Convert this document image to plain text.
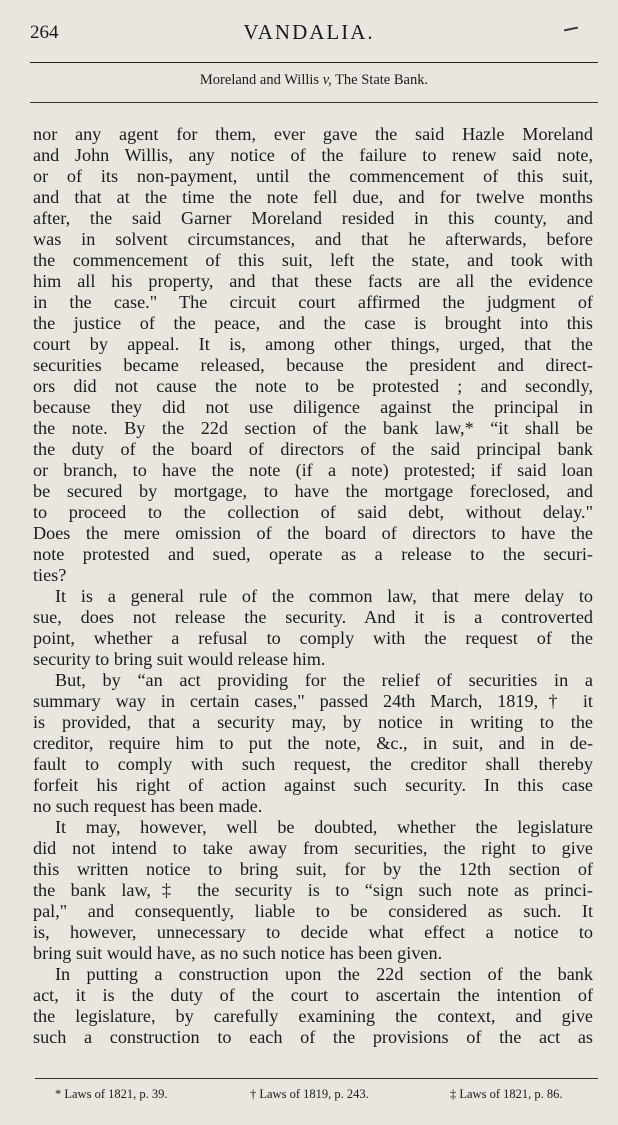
264	VANDALIA.
Moreland and Willis v, The State Bank.
nor any agent for them, ever gave the said Hazle Moreland
and John Willis, any notice of the failure to renew said note,
or of its non-payment, until the commencement of this suit,
and that at the time the note fell due, and for twelve months
after, the said Garner Moreland resided in this county, and
was in solvent circumstances, and that he afterwards, before
the commencement of this suit, left the state, and took with
him all his property, and that these facts are all the evidence
in the case." The circuit court affirmed the judgment of
the justice of the peace, and the case is brought into this
court by appeal. It is, among other things, urged, that the
securities became released, because the president and direct-
ors did not cause the note to be protested ; and secondly,
because they did not use diligence against the principal in
the note. By the 22d section of the bank law,* “it shall be
the duty of the board of directors of the said principal bank
or branch, to have the note (if a note) protested; if said loan
be secured by mortgage, to have the mortgage foreclosed, and
to proceed to the collection of said debt, without delay."
Does the mere omission of the board of directors to have the
note protested and sued, operate as a release to the securi-
ties?
It is a general rule of the common law, that mere delay to
sue, does not release the security. And it is a controverted
point, whether a refusal to comply with the request of the
security to bring suit would release him.
But, by “an act providing for the relief of securities in a
summary way in certain cases," passed 24th March, 1819,† it
is provided, that a security may, by notice in writing to the
creditor, require him to put the note, &c., in suit, and in de-
fault to comply with such request, the creditor shall thereby
forfeit his right of action against such security. In this case
no such request has been made.
It may, however, well be doubted, whether the legislature
did not intend to take away from securities, the right to give
this written notice to bring suit, for by the 12th section of
the bank law,‡ the security is to “sign such note as princi-
pal," and consequently, liable to be considered as such. It
is, however, unnecessary to decide what effect a notice to
bring suit would have, as no such notice has been given.
In putting a construction upon the 22d section of the bank
act, it is the duty of the court to ascertain the intention of
the legislature, by carefully examining the context, and give
such a construction to each of the provisions of the act as
* Laws of 1821, p. 39.	† Laws of 1819, p. 243.	‡ Laws of 1821, p. 86.
